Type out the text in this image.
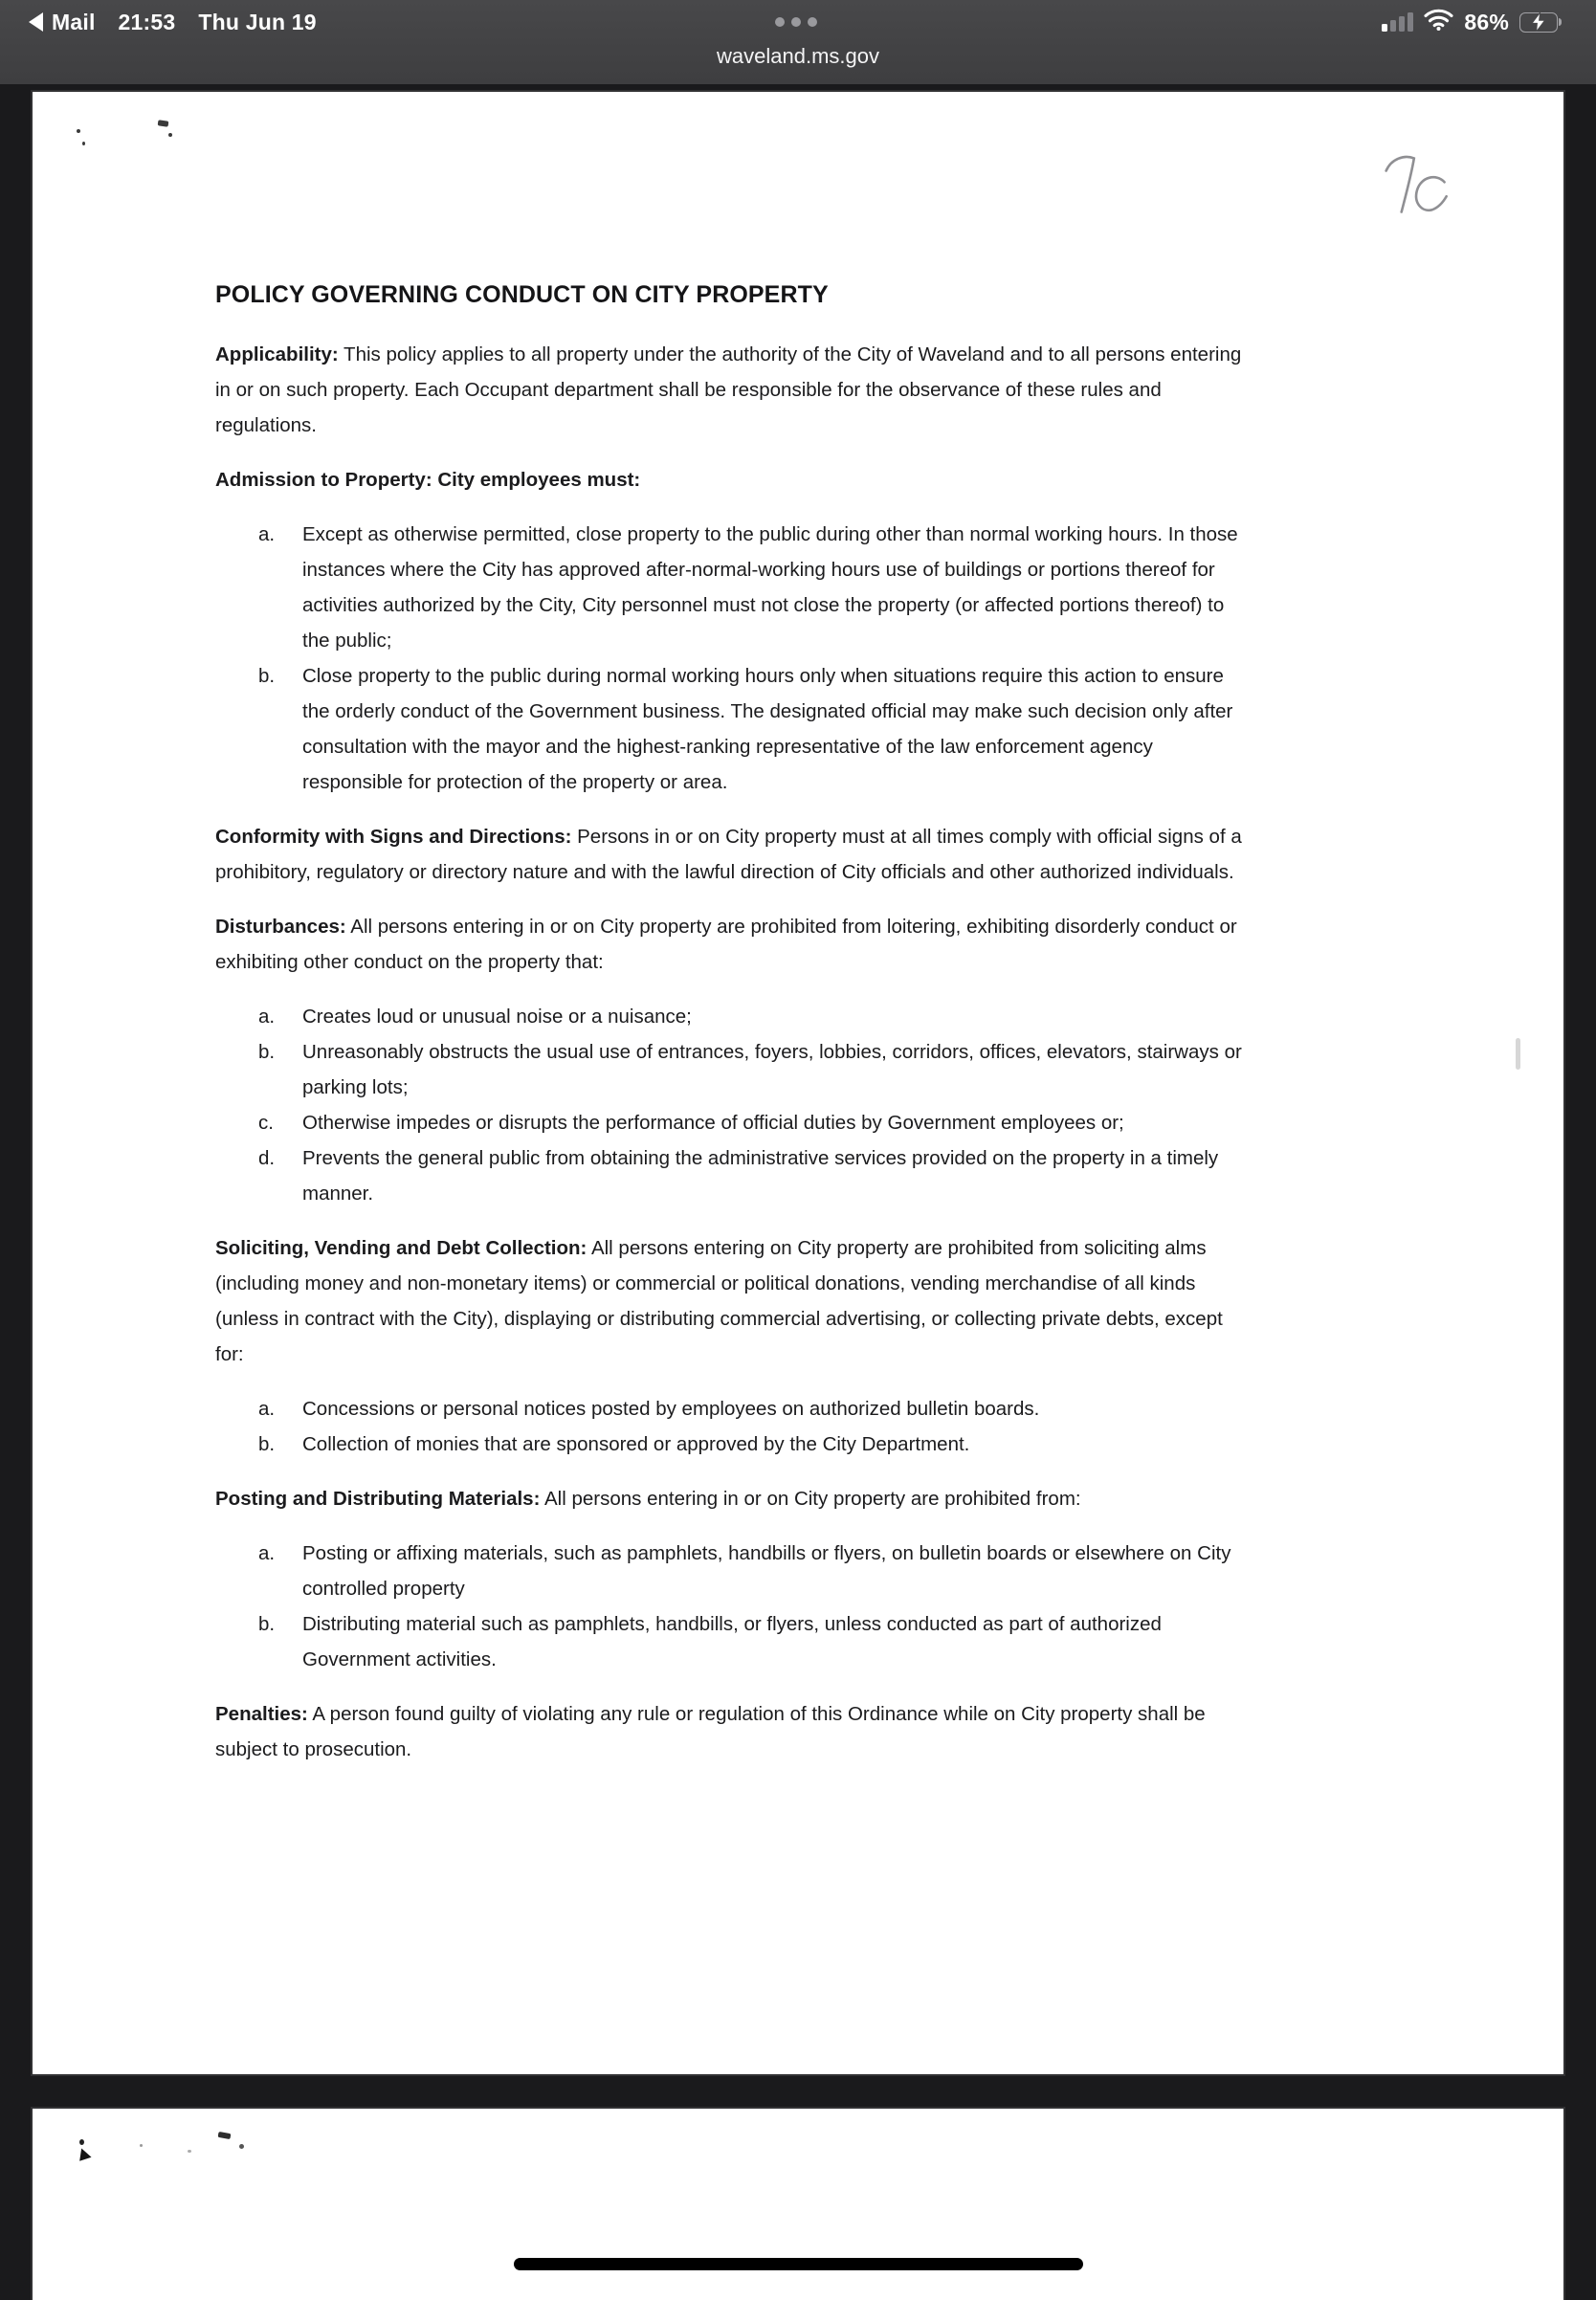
Mail 21:53 Thu Jun 19
waveland.ms.gov
86%
POLICY GOVERNING CONDUCT ON CITY PROPERTY
Applicability: This policy applies to all property under the authority of the City of Waveland and to all persons entering in or on such property. Each Occupant department shall be responsible for the observance of these rules and regulations.
Admission to Property: City employees must:
a.	Except as otherwise permitted, close property to the public during other than normal working hours. In those instances where the City has approved after-normal-working hours use of buildings or portions thereof for activities authorized by the City, City personnel must not close the property (or affected portions thereof) to the public;
b.	Close property to the public during normal working hours only when situations require this action to ensure the orderly conduct of the Government business. The designated official may make such decision only after consultation with the mayor and the highest-ranking representative of the law enforcement agency responsible for protection of the property or area.
Conformity with Signs and Directions: Persons in or on City property must at all times comply with official signs of a prohibitory, regulatory or directory nature and with the lawful direction of City officials and other authorized individuals.
Disturbances: All persons entering in or on City property are prohibited from loitering, exhibiting disorderly conduct or exhibiting other conduct on the property that:
a.	Creates loud or unusual noise or a nuisance;
b.	Unreasonably obstructs the usual use of entrances, foyers, lobbies, corridors, offices, elevators, stairways or parking lots;
c.	Otherwise impedes or disrupts the performance of official duties by Government employees or;
d.	Prevents the general public from obtaining the administrative services provided on the property in a timely manner.
Soliciting, Vending and Debt Collection: All persons entering on City property are prohibited from soliciting alms (including money and non-monetary items) or commercial or political donations, vending merchandise of all kinds (unless in contract with the City), displaying or distributing commercial advertising, or collecting private debts, except for:
a.	Concessions or personal notices posted by employees on authorized bulletin boards.
b.	Collection of monies that are sponsored or approved by the City Department.
Posting and Distributing Materials: All persons entering in or on City property are prohibited from:
a.	Posting or affixing materials, such as pamphlets, handbills or flyers, on bulletin boards or elsewhere on City controlled property
b.	Distributing material such as pamphlets, handbills, or flyers, unless conducted as part of authorized Government activities.
Penalties: A person found guilty of violating any rule or regulation of this Ordinance while on City property shall be subject to prosecution.
